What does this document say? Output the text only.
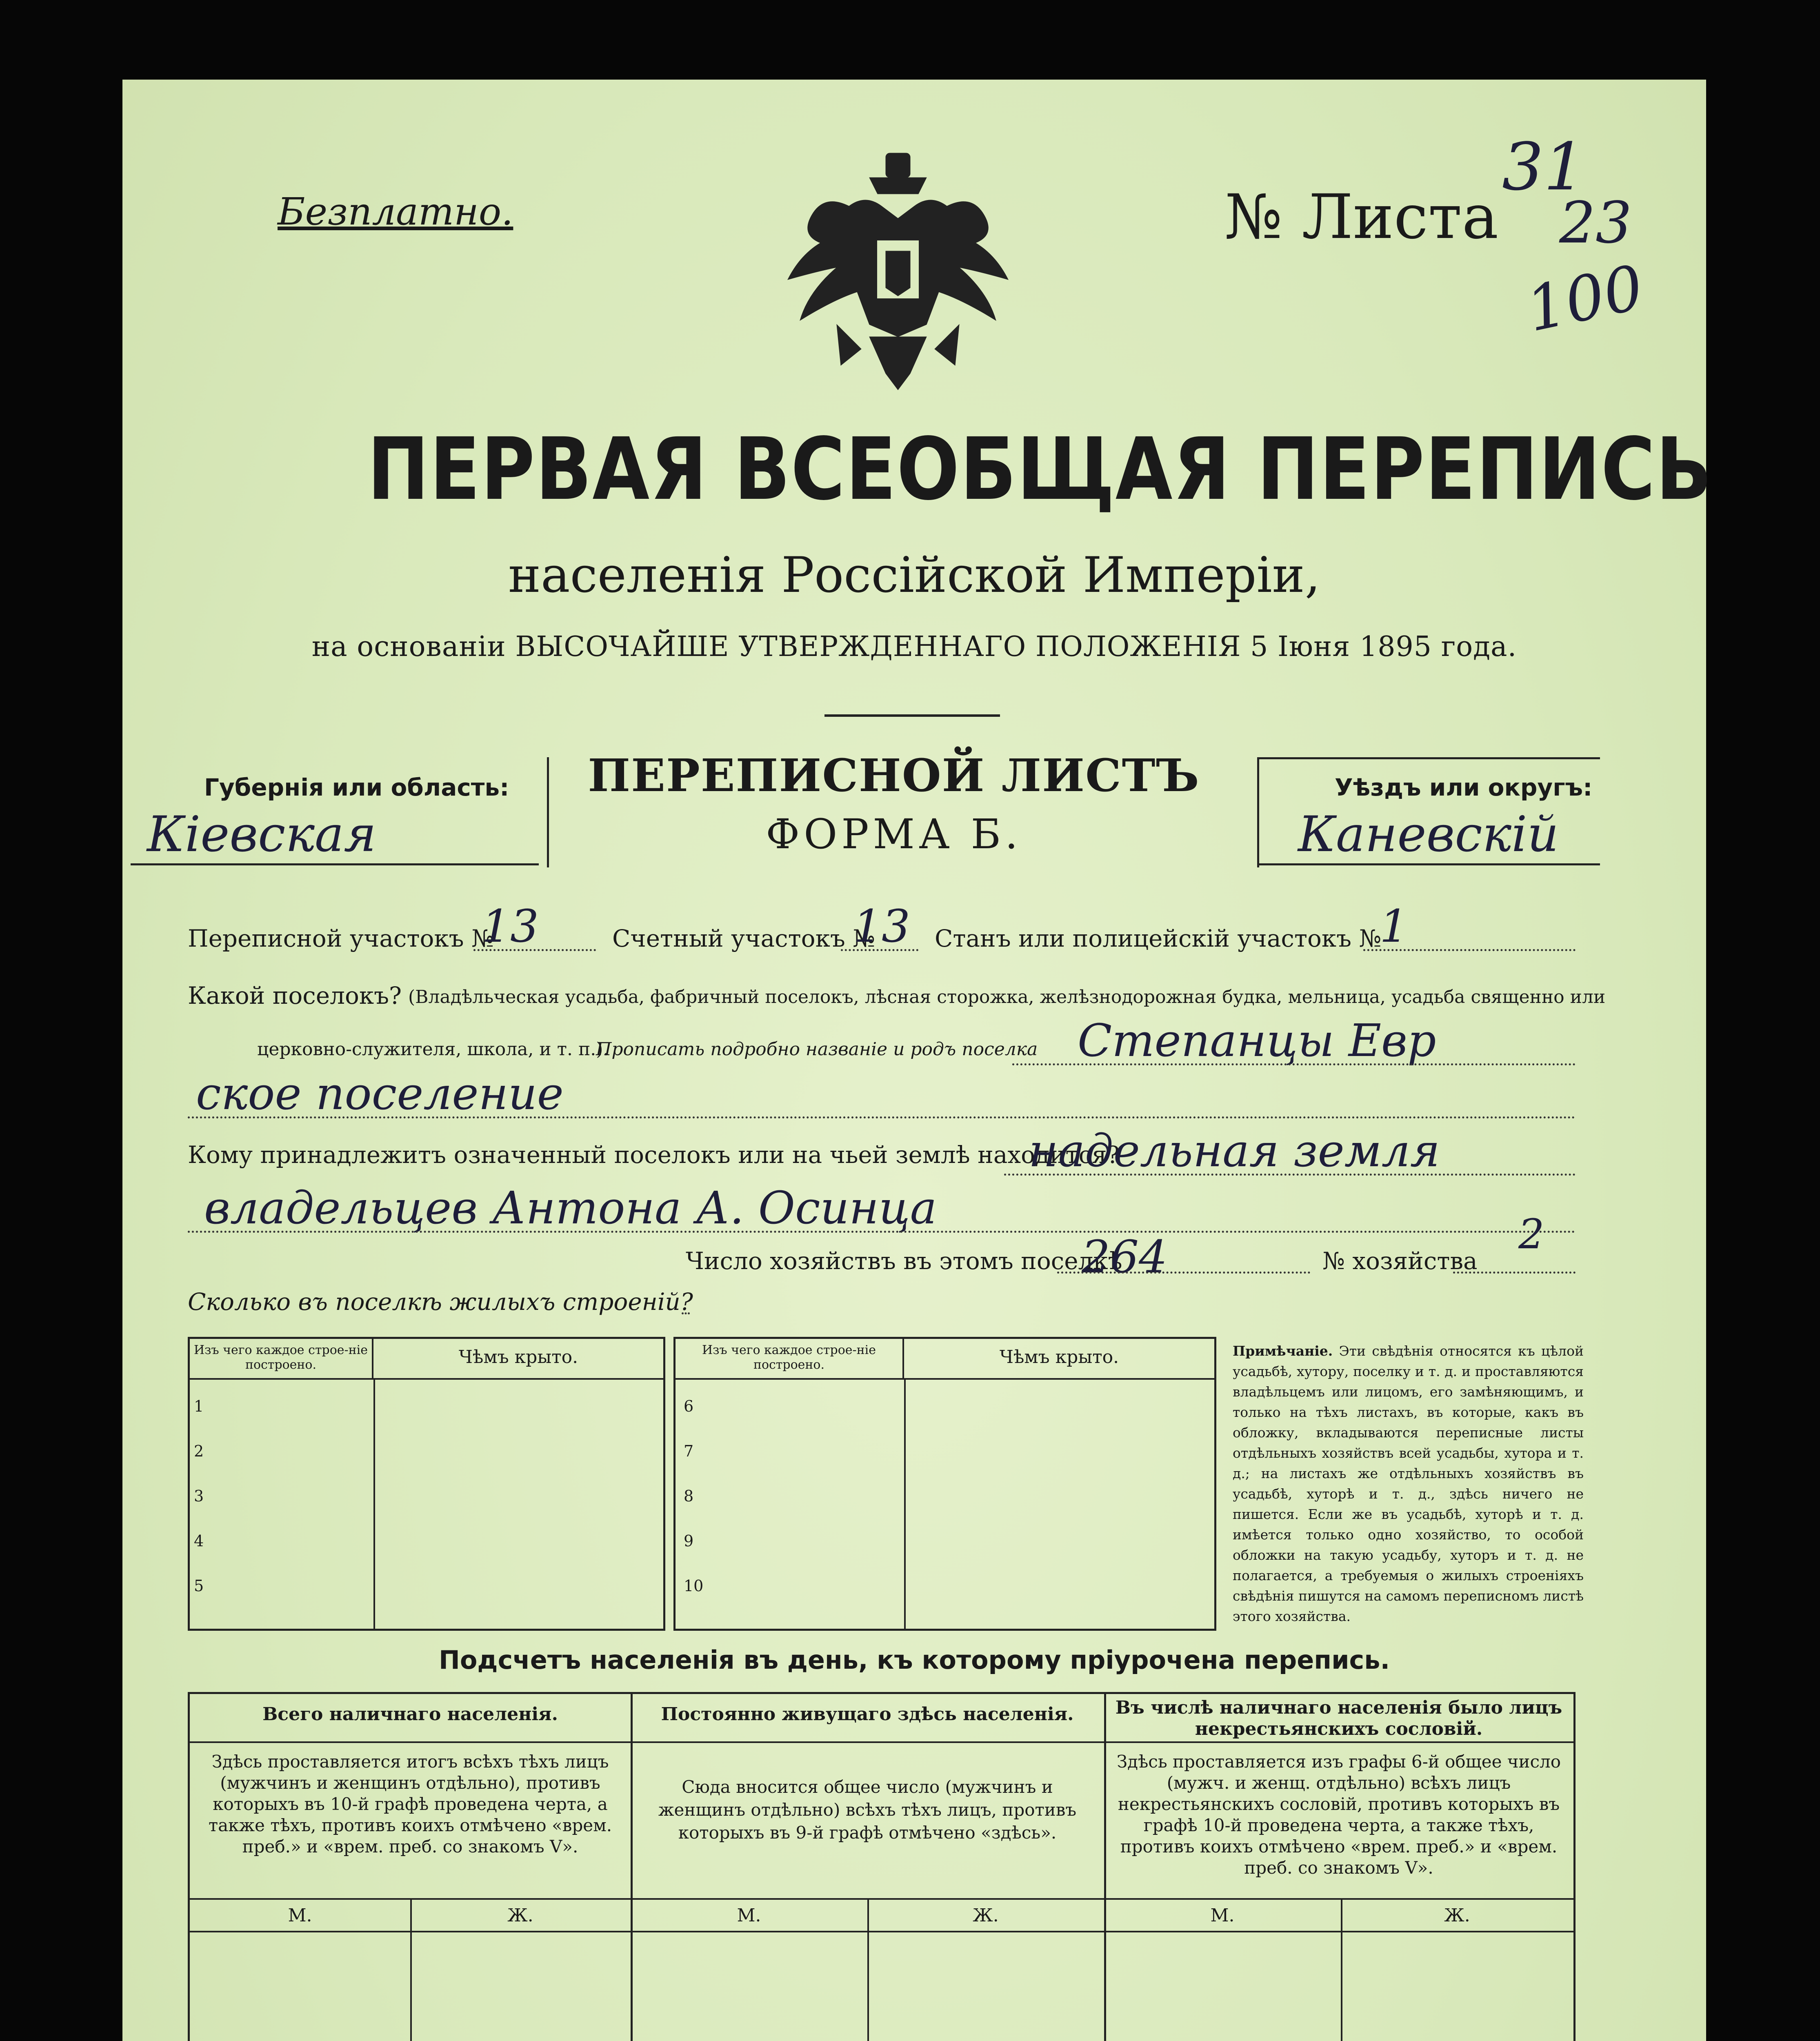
Безплатно.	№ Листа
31
23
100
ПЕРВАЯ ВСЕОБЩАЯ ПЕРЕПИСЬ
населенія Россійской Имперіи,
на основаніи ВЫСОЧАЙШЕ УТВЕРЖДЕННАГО ПОЛОЖЕНІЯ 5 Іюня 1895 года.
Губернія или область:
Кіевская
ПЕРЕПИСНОЙ ЛИСТЪ
ФОРМА Б.
Уѣздъ или округъ:
Каневскій
Переписной участокъ №
13	Счетный участокъ №
13 Станъ или полицейскій участокъ №
1
Какой поселокъ? (Владѣльческая усадьба, фабричный поселокъ, лѣсная сторожка, желѣзнодорожная будка, мельница, усадьба священно или
церковно-служителя, школа, и т. п.).
Прописать подробно названіе и родъ поселка Степанцы Евр
ское поселение
Кому принадлежитъ означенный поселокъ или на чьей землѣ находится?
надельная земля
владельцев Антона А. Осинца
Число хозяйствъ въ этомъ поселкѣ
264	№ хозяйства
2
Сколько въ поселкѣ жилыхъ строеній?
Изъ чего каждое строе-ніе построено.	Чѣмъ крыто.
1
2
3
4
5
Изъ чего каждое строе-ніе построено.	Чѣмъ крыто.
6
7
8
9
10
Примѣчаніе. Эти свѣдѣнія относятся къ цѣлой усадьбѣ, хутору, поселку и т. д. и проставляются владѣльцемъ или лицомъ, его замѣняющимъ, и только на тѣхъ листахъ, въ которые, какъ въ обложку, вкладываются переписные листы отдѣльныхъ хозяйствъ всей усадьбы, хутора и т. д.; на листахъ же отдѣльныхъ хозяйствъ въ усадьбѣ, хуторѣ и т. д., здѣсь ничего не пишется. Если же въ усадьбѣ, хуторѣ и т. д. имѣется только одно хозяйство, то особой обложки на такую усадьбу, хуторъ и т. д. не полагается, а требуемыя о жилыхъ строеніяхъ свѣдѣнія пишутся на самомъ переписномъ листѣ этого хозяйства.
Подсчетъ населенія въ день, къ которому пріурочена перепись.
Всего наличнаго населенія.	Постоянно живущаго здѣсь населенія.	Въ числѣ наличнаго населенія было лицъ некрестьянскихъ сословій.
Здѣсь проставляется итогъ всѣхъ тѣхъ лицъ (мужчинъ и женщинъ отдѣльно), противъ которыхъ въ 10-й графѣ проведена черта, а также тѣхъ, противъ коихъ отмѣчено «врем. преб.» и «врем. преб. со знакомъ V».
Сюда вносится общее число (мужчинъ и женщинъ отдѣльно) всѣхъ тѣхъ лицъ, противъ которыхъ въ 9-й графѣ отмѣчено «здѣсь».
Здѣсь проставляется изъ графы 6-й общее число (мужч. и женщ. отдѣльно) всѣхъ лицъ некрестьянскихъ сословій, противъ которыхъ въ графѣ 10-й проведена черта, а также тѣхъ, противъ коихъ отмѣчено «врем. преб.» и «врем. преб. со знакомъ V».
М.	Ж.	М.	Ж.	М.	Ж.
